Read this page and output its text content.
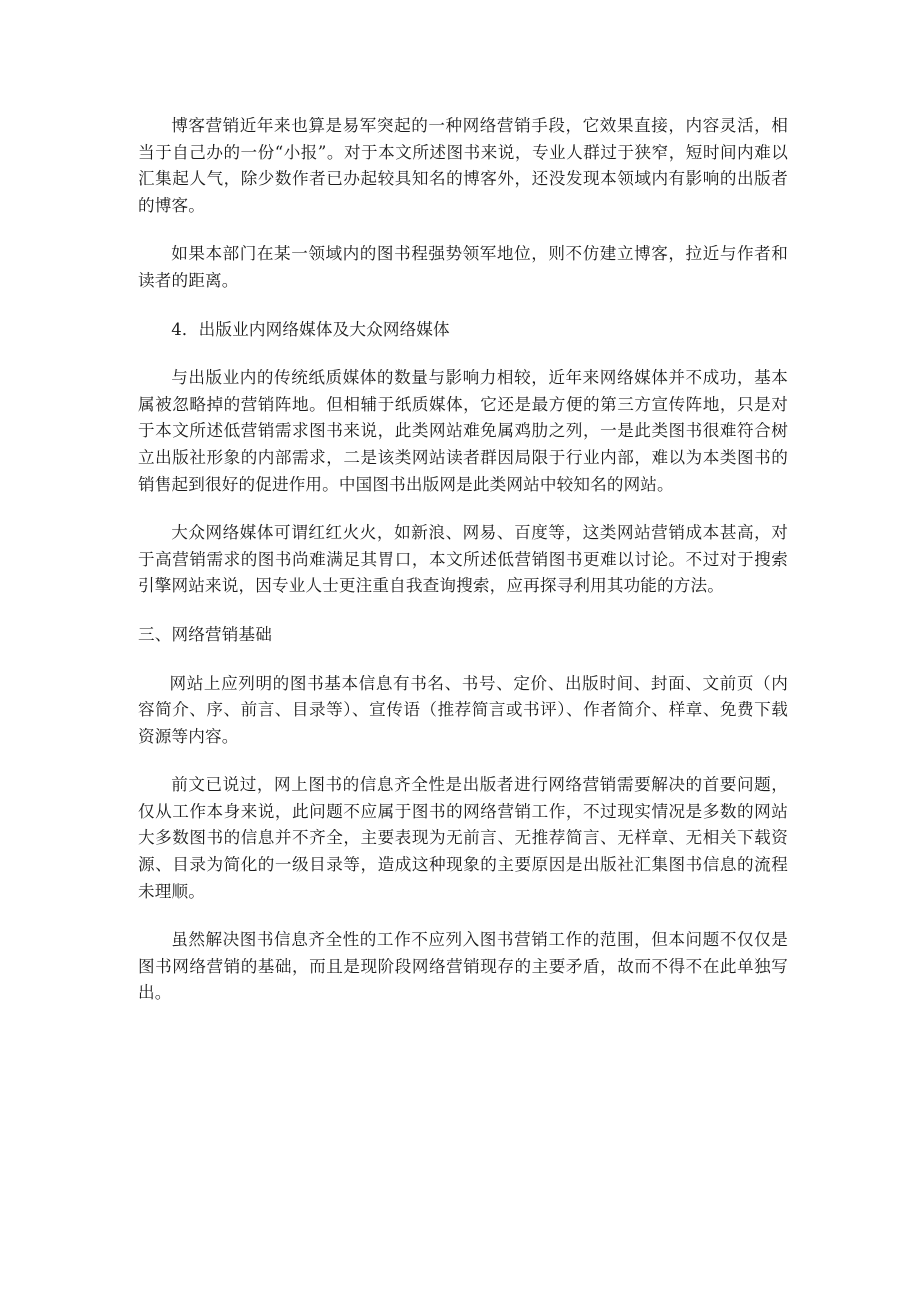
博客营销近年来也算是易军突起的一种网络营销手段，它效果直接，内容灵活，相当于自己办的一份“小报”。对于本文所述图书来说，专业人群过于狭窄，短时间内难以汇集起人气，除少数作者已办起较具知名的博客外，还没发现本领域内有影响的出版者的博客。

如果本部门在某一领域内的图书程强势领军地位，则不仿建立博客，拉近与作者和读者的距离。

4．出版业内网络媒体及大众网络媒体

与出版业内的传统纸质媒体的数量与影响力相较，近年来网络媒体并不成功，基本属被忽略掉的营销阵地。但相辅于纸质媒体，它还是最方便的第三方宣传阵地，只是对于本文所述低营销需求图书来说，此类网站难免属鸡肋之列，一是此类图书很难符合树立出版社形象的内部需求，二是该类网站读者群因局限于行业内部，难以为本类图书的销售起到很好的促进作用。中国图书出版网是此类网站中较知名的网站。

大众网络媒体可谓红红火火，如新浪、网易、百度等，这类网站营销成本甚高，对于高营销需求的图书尚难满足其胃口，本文所述低营销图书更难以讨论。不过对于搜索引擎网站来说，因专业人士更注重自我查询搜索，应再探寻利用其功能的方法。

三、网络营销基础

网站上应列明的图书基本信息有书名、书号、定价、出版时间、封面、文前页（内容简介、序、前言、目录等）、宣传语（推荐简言或书评）、作者简介、样章、免费下载资源等内容。

前文已说过，网上图书的信息齐全性是出版者进行网络营销需要解决的首要问题，仅从工作本身来说，此问题不应属于图书的网络营销工作，不过现实情况是多数的网站大多数图书的信息并不齐全，主要表现为无前言、无推荐简言、无样章、无相关下载资源、目录为简化的一级目录等，造成这种现象的主要原因是出版社汇集图书信息的流程未理顺。

虽然解决图书信息齐全性的工作不应列入图书营销工作的范围，但本问题不仅仅是图书网络营销的基础，而且是现阶段网络营销现存的主要矛盾，故而不得不在此单独写出。
